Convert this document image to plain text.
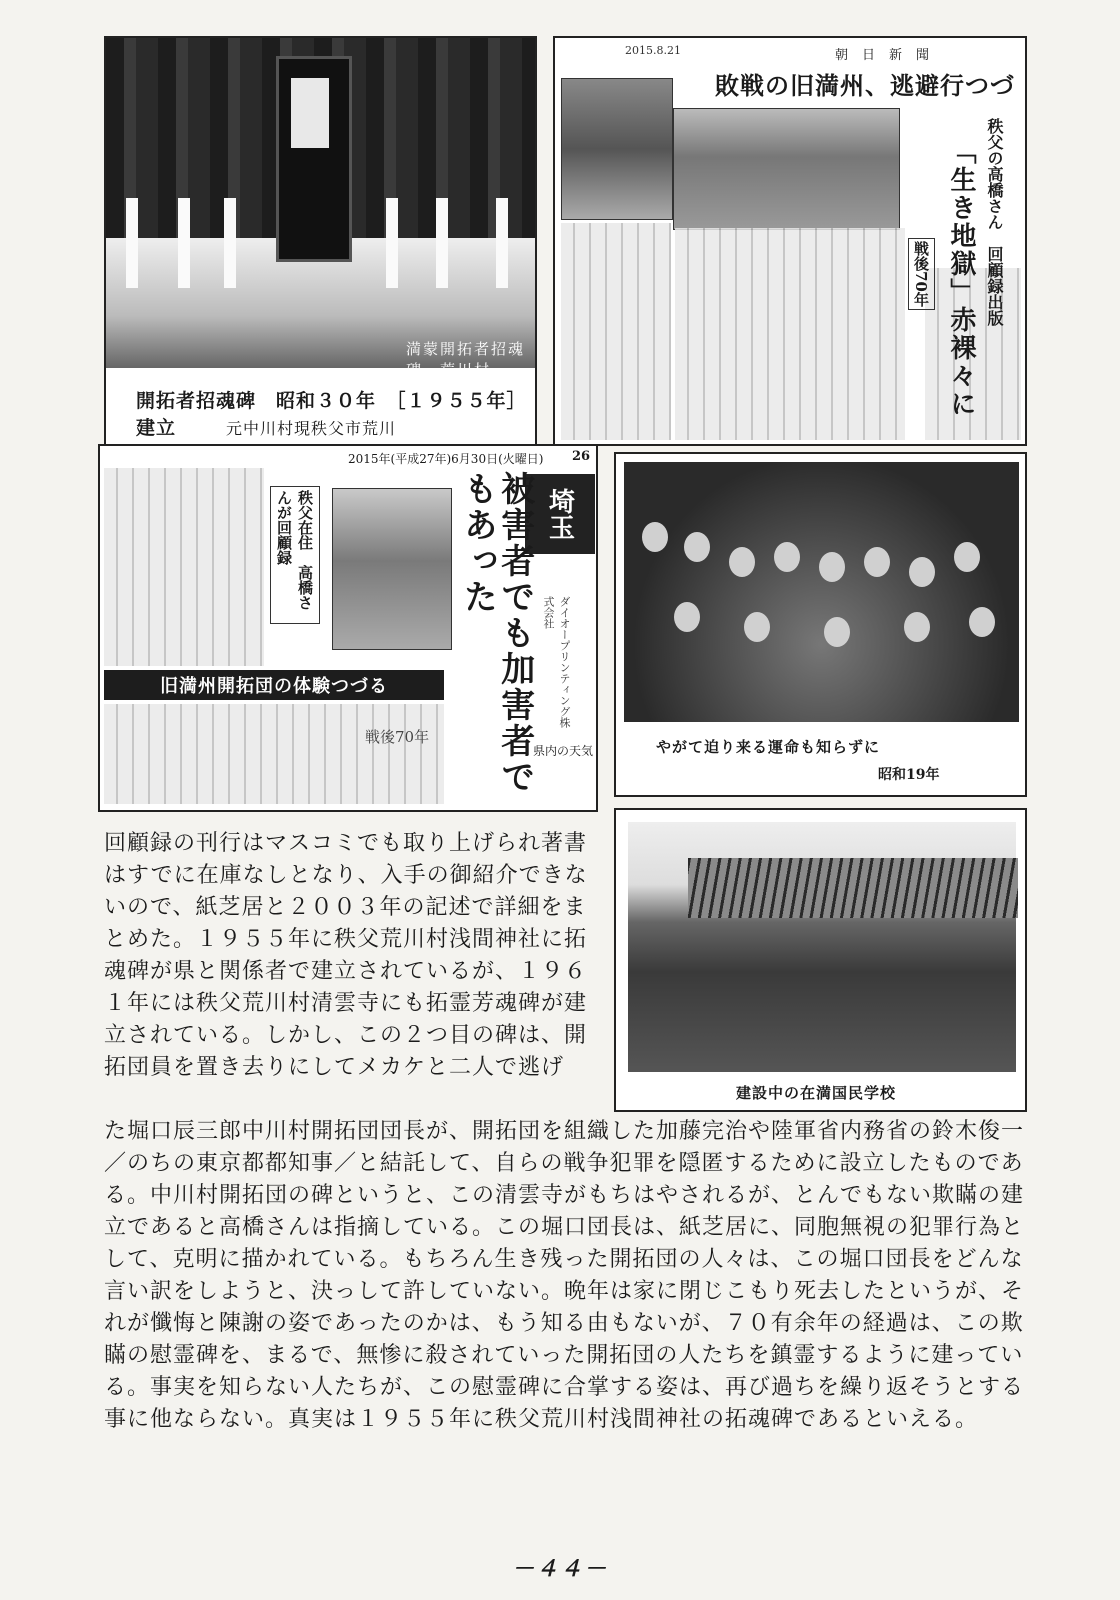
満蒙開拓者招魂碑　荒川村
開拓者招魂碑　昭和３０年　［１９５５年］建立	元中川村現秩父市荒川
2015.8.21	朝日新聞
敗戦の旧満州、逃避行つづ
秩父の高橋さん　回顧録出版
「生き地獄」赤裸々に
戦後70年
2015年(平成27年)6月30日(火曜日) 26
埼玉
被害者でも加害者でもあった
秩父在住　高橋さんが回顧録
旧満州開拓団の体験つづる
戦後70年
県内の天気
ダイオープリンティング株式会社
やがて迫り来る運命も知らずに
昭和19年
建設中の在満国民学校
回顧録の刊行はマスコミでも取り上げられ著書はすでに在庫なしとなり、入手の御紹介できないので、紙芝居と２００３年の記述で詳細をまとめた。１９５５年に秩父荒川村浅間神社に拓魂碑が県と関係者で建立されているが、１９６１年には秩父荒川村清雲寺にも拓霊芳魂碑が建立されている。しかし、この２つ目の碑は、開拓団員を置き去りにしてメカケと二人で逃げ
た堀口辰三郎中川村開拓団団長が、開拓団を組織した加藤完治や陸軍省内務省の鈴木俊一／のちの東京都都知事／と結託して、自らの戦争犯罪を隠匿するために設立したものである。中川村開拓団の碑というと、この清雲寺がもちはやされるが、とんでもない欺瞞の建立であると高橋さんは指摘している。この堀口団長は、紙芝居に、同胞無視の犯罪行為として、克明に描かれている。もちろん生き残った開拓団の人々は、この堀口団長をどんな言い訳をしようと、決っして許していない。晩年は家に閉じこもり死去したというが、それが懺悔と陳謝の姿であったのかは、もう知る由もないが、７０有余年の経過は、この欺瞞の慰霊碑を、まるで、無惨に殺されていった開拓団の人たちを鎮霊するように建っている。事実を知らない人たちが、この慰霊碑に合掌する姿は、再び過ちを繰り返そうとする事に他ならない。真実は１９５５年に秩父荒川村浅間神社の拓魂碑であるといえる。
－４４－
